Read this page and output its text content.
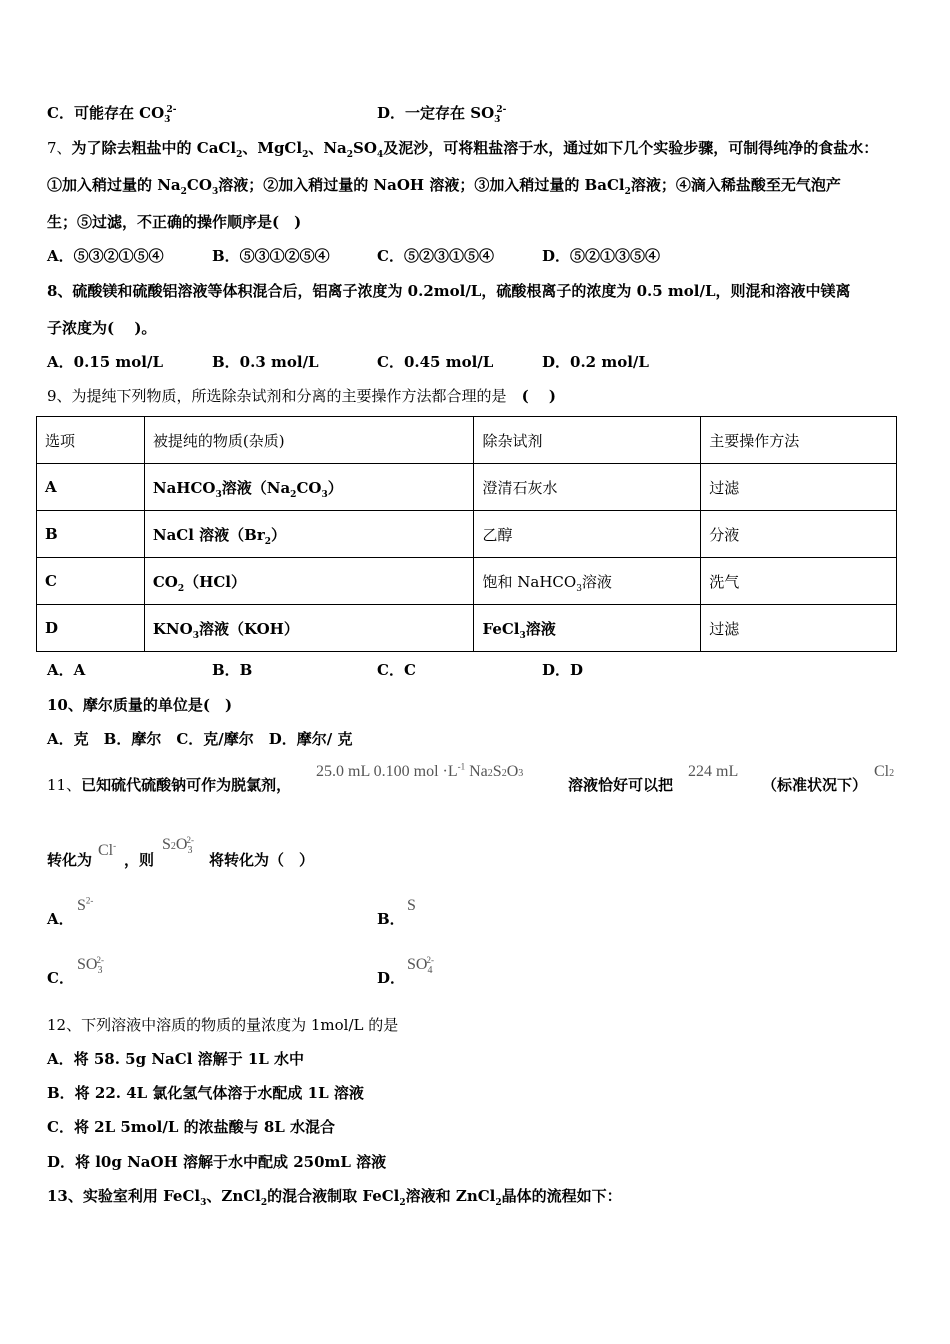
C．可能存在 $CO_3^{2-}$	D．一定存在 $SO_3^{2-}$
7、为了除去粗盐中的 CaCl$_2$、MgCl$_2$、$Na_2SO_4$及泥沙，可将粗盐溶于水，通过如下几个实验步骤，可制得纯净的食盐水：
①加入稍过量的 $Na_2CO_3$溶液；②加入稍过量的 NaOH 溶液；③加入稍过量的 BaCl$_2$溶液；④滴入稀盐酸至无气泡产
生；⑤过滤，不正确的操作顺序是(　)
A．⑤③②①⑤④	B．⑤③①②⑤④	C．⑤②③①⑤④	D．⑤②①③⑤④
8、硫酸镁和硫酸铝溶液等体积混合后，铝离子浓度为 0.2mol/L，硫酸根离子的浓度为 0.5 mol/L，则混和溶液中镁离
子浓度为(　 )。
A．0.15 mol/L	B．0.3 mol/L	C．0.45 mol/L	D．0.2 mol/L
9、为提纯下列物质，所选除杂试剂和分离的主要操作方法都合理的是　 (　 )
选项	被提纯的物质(杂质)	除杂试剂	主要操作方法
A	NaHCO$_3$溶液$(Na_2CO_3)$	澄清石灰水	过滤
B	NaCl 溶液$(Br_2)$	乙醇	分液
C	$CO_2(HCl)$	饱和 NaHCO$_3$溶液	洗气
D	$KNO_3$溶液（KOH）	FeCl$_3$溶液	过滤
A．A	B．B	C．C	D．D
10、摩尔质量的单位是(　)
A．克　B．摩尔　C．克/摩尔　D．摩尔/ 克
11、已知硫代硫酸钠可作为脱氯剂，
25.0 mL 0.100 mol $\cdot L^{-1}$ Na2S2O3
溶液恰好可以把
224 mL
（标准状况下）
Cl2
转化为
Cl-
，则
$S2O_3^{2-}$
将转化为（　）
A．
$S^{2-}$
B．
S
C．
$SO_3^{2-}$
D．
$SO_4^{2-}$
12、下列溶液中溶质的物质的量浓度为 1mol/L 的是
A．将 58. 5g NaCl 溶解于 1L 水中
B．将 22. 4L 氯化氢气体溶于水配成 1L 溶液
C．将 2L 5mol/L 的浓盐酸与 8L 水混合
D．将 l0g NaOH 溶解于水中配成 250mL 溶液
13、实验室利用 FeCl$_3$、ZnCl$_2$的混合液制取 FeCl$_2$溶液和 ZnCl$_2$晶体的流程如下：
